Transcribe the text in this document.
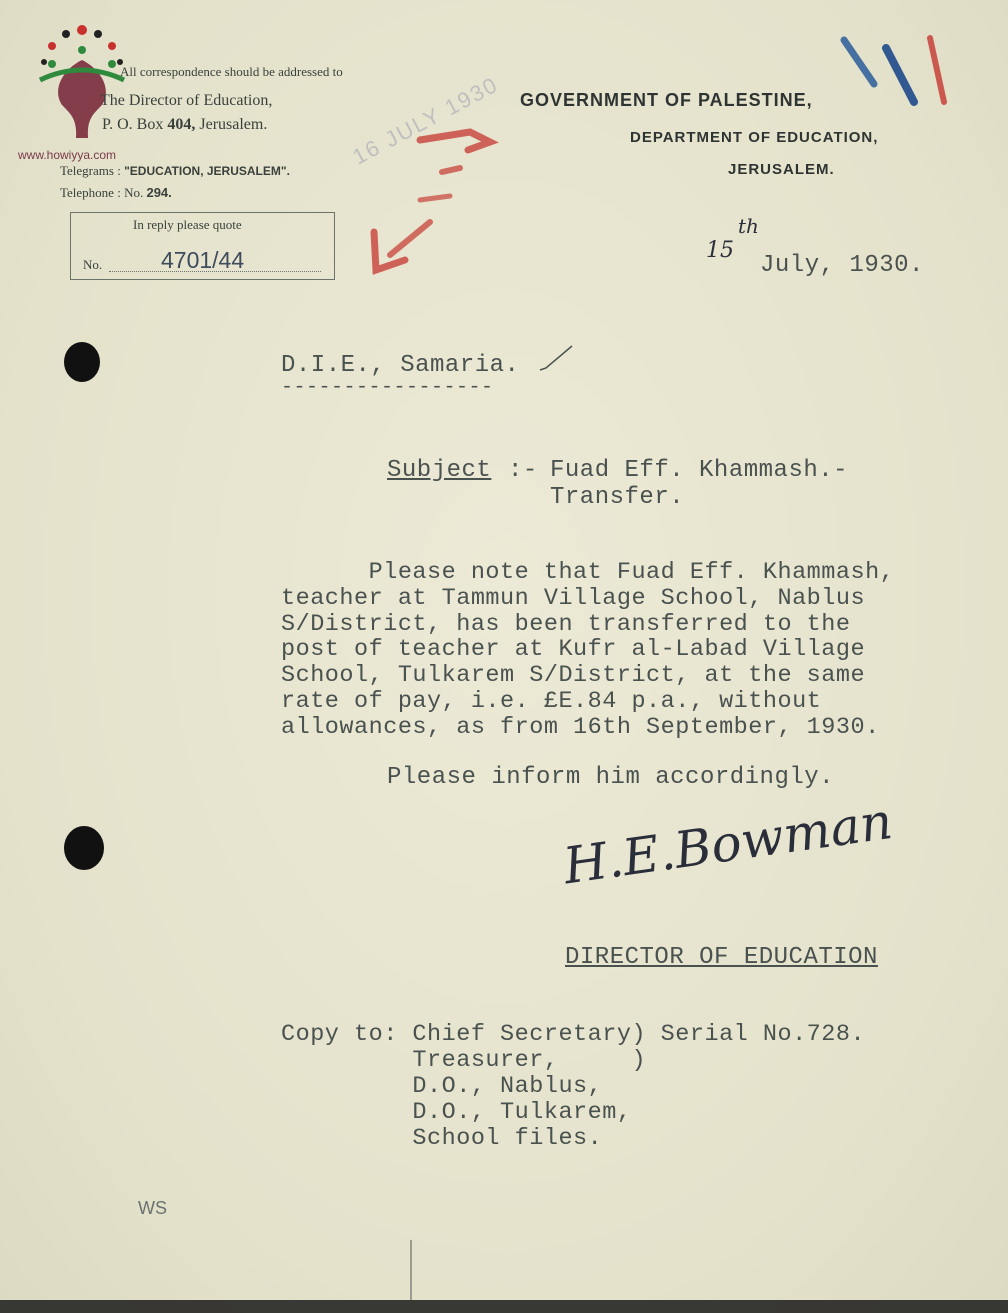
www.howiyya.com
All correspondence should be addressed to
The Director of Education,
P. O. Box 404, Jerusalem.
Telegrams : "EDUCATION, JERUSALEM".
Telephone : No. 294.
In reply please quote
No.	4701/44
16 JULY 1930 GOVERNMENT OF PALESTINE,
DEPARTMENT OF EDUCATION,
JERUSALEM.
15
th
July, 1930.
D.I.E., Samaria.
-----------------
Subject :- Fuad Eff. Khammash.-
Transfer.
Please note that Fuad Eff. Khammash,
teacher at Tammun Village School, Nablus
S/District, has been transferred to the
post of teacher at Kufr al-Labad Village
School, Tulkarem S/District, at the same
rate of pay, i.e. £E.84 p.a., without
allowances, as from 16th September, 1930.
Please inform him accordingly.
H.E.Bowman
DIRECTOR OF EDUCATION
Copy to: Chief Secretary) Serial No.728.
Treasurer,     )
D.O., Nablus,
D.O., Tulkarem,
School files.
WS
